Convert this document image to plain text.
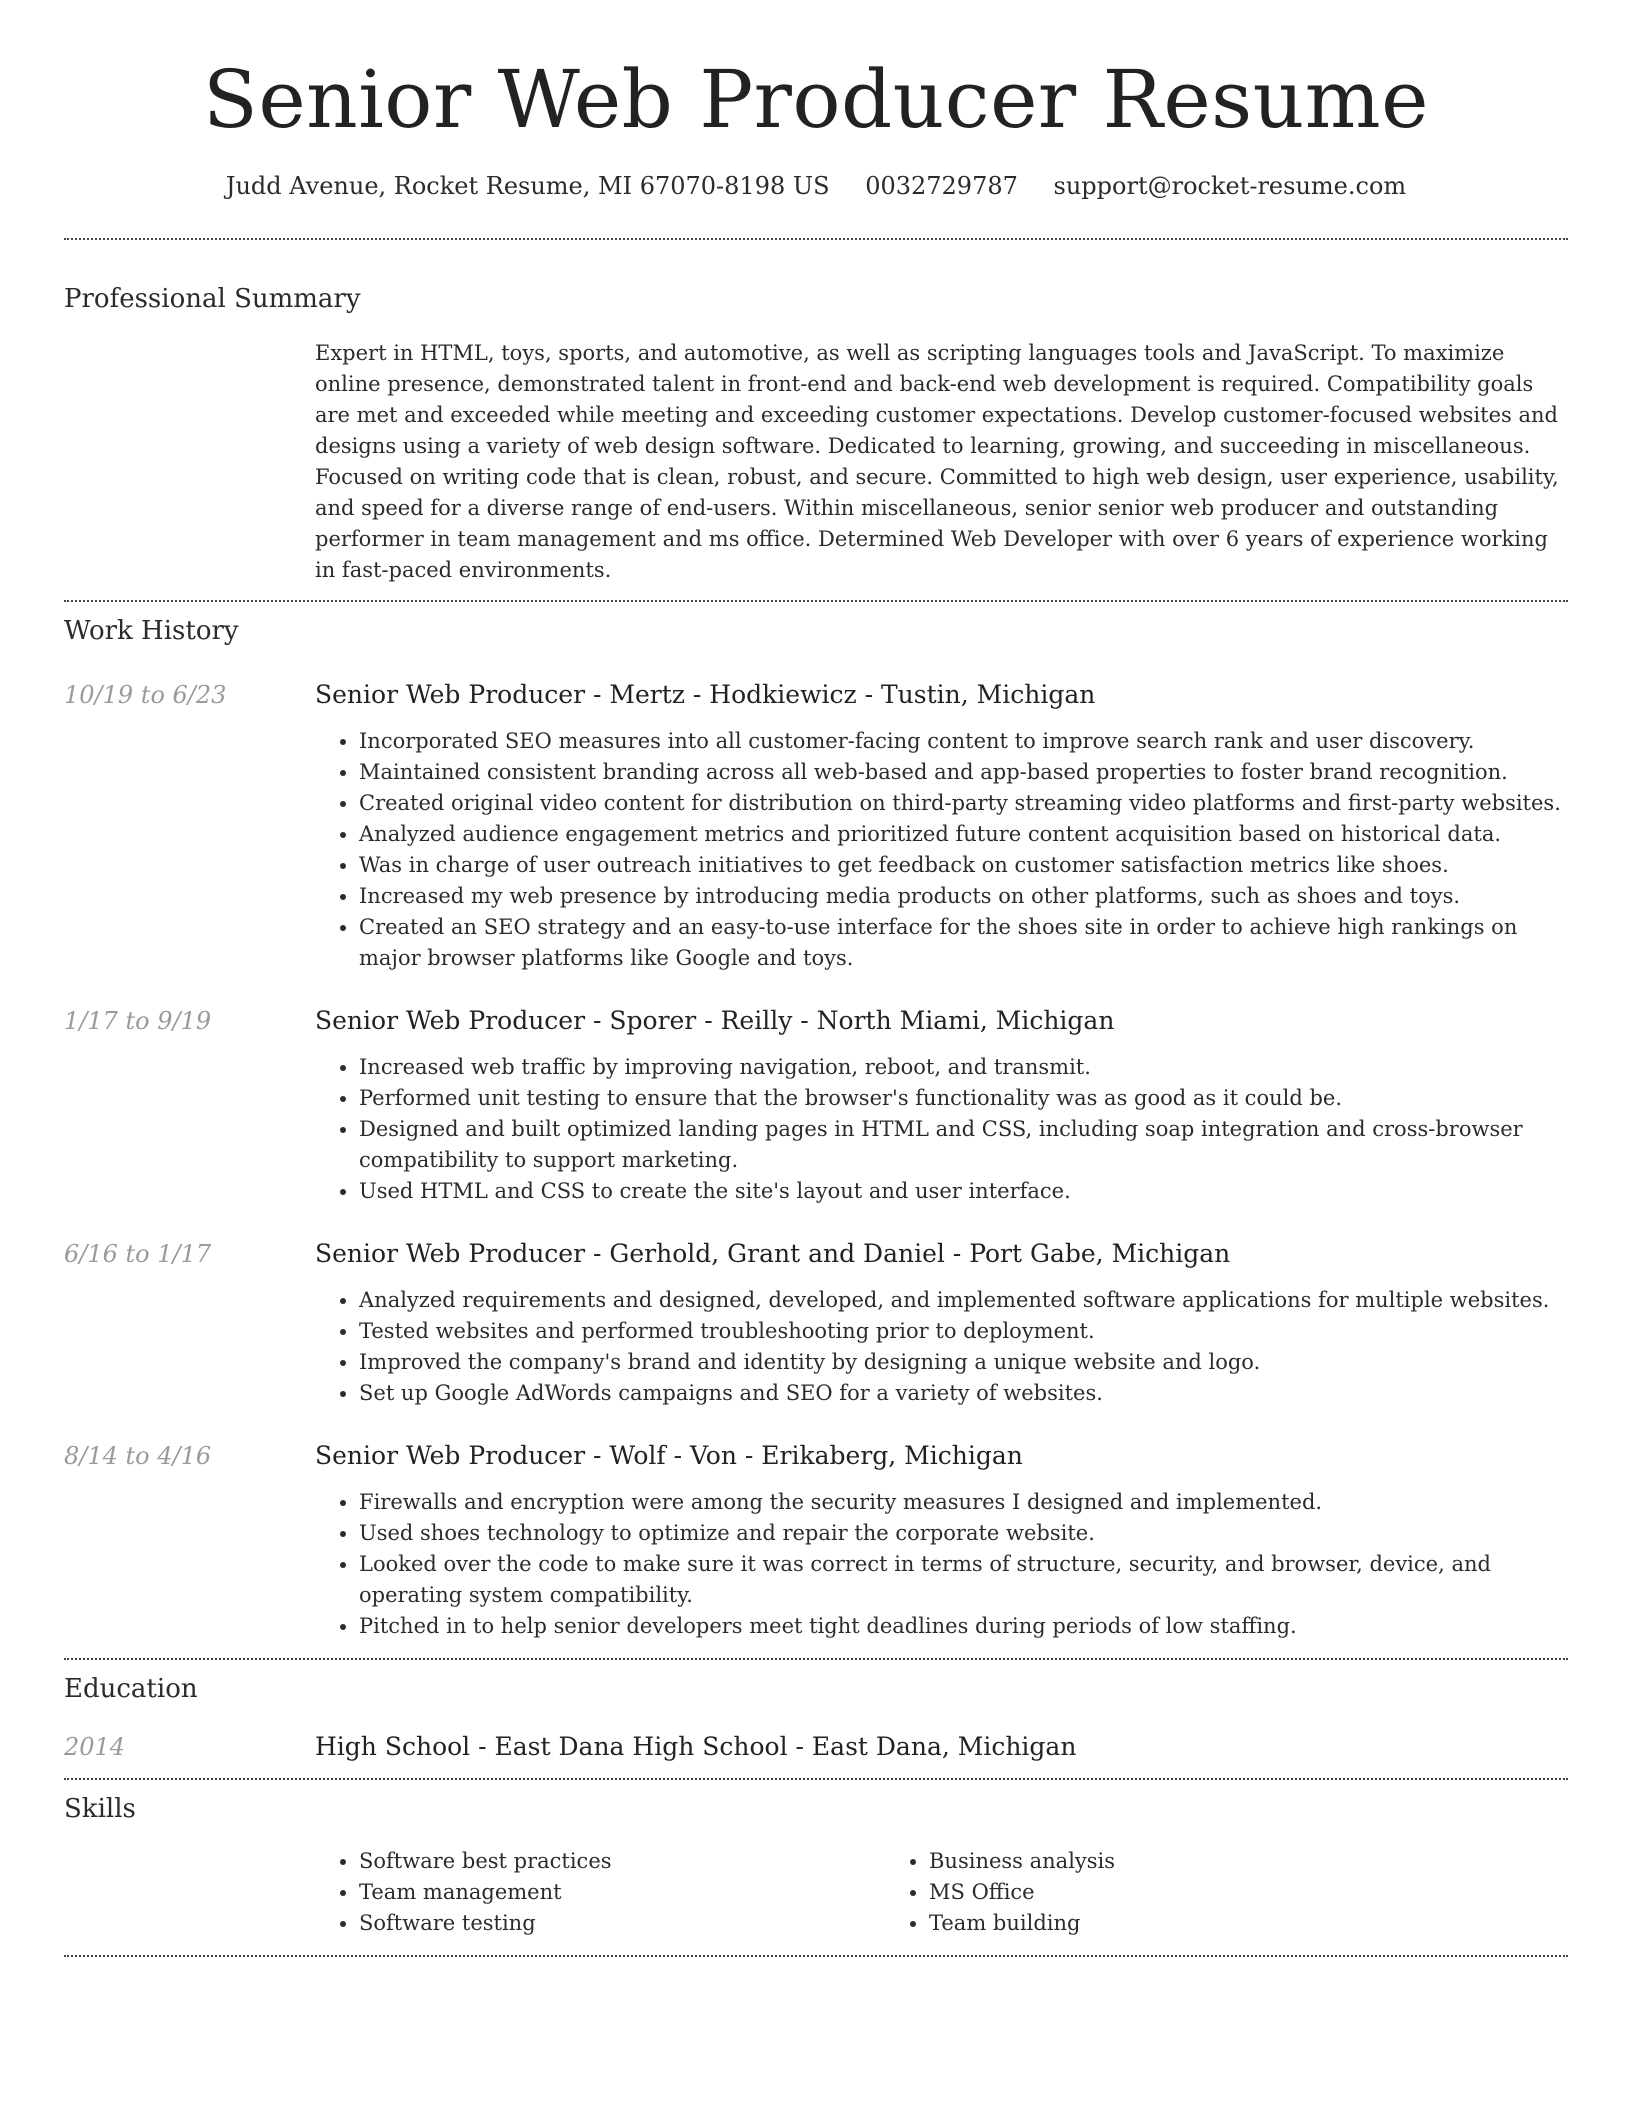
Senior Web Producer Resume
Judd Avenue, Rocket Resume, MI 67070-8198 US 0032729787 support@rocket-resume.com
Professional Summary

Expert in HTML, toys, sports, and automotive, as well as scripting languages tools and JavaScript. To maximize online presence, demonstrated talent in front-end and back-end web development is required. Compatibility goals are met and exceeded while meeting and exceeding customer expectations. Develop customer-focused websites and designs using a variety of web design software. Dedicated to learning, growing, and succeeding in miscellaneous. Focused on writing code that is clean, robust, and secure. Committed to high web design, user experience, usability, and speed for a diverse range of end-users. Within miscellaneous, senior senior web producer and outstanding performer in team management and ms office. Determined Web Developer with over 6 years of experience working in fast-paced environments.

Work History
10/19 to 6/23	Senior Web Producer - Mertz - Hodkiewicz - Tustin, Michigan
• Incorporated SEO measures into all customer-facing content to improve search rank and user discovery.
• Maintained consistent branding across all web-based and app-based properties to foster brand recognition.
• Created original video content for distribution on third-party streaming video platforms and first-party websites.
• Analyzed audience engagement metrics and prioritized future content acquisition based on historical data.
• Was in charge of user outreach initiatives to get feedback on customer satisfaction metrics like shoes.
• Increased my web presence by introducing media products on other platforms, such as shoes and toys.
• Created an SEO strategy and an easy-to-use interface for the shoes site in order to achieve high rankings on major browser platforms like Google and toys.
1/17 to 9/19	Senior Web Producer - Sporer - Reilly - North Miami, Michigan
• Increased web traffic by improving navigation, reboot, and transmit.
• Performed unit testing to ensure that the browser's functionality was as good as it could be.
• Designed and built optimized landing pages in HTML and CSS, including soap integration and cross-browser compatibility to support marketing.
• Used HTML and CSS to create the site's layout and user interface.
6/16 to 1/17	Senior Web Producer - Gerhold, Grant and Daniel - Port Gabe, Michigan
• Analyzed requirements and designed, developed, and implemented software applications for multiple websites.
• Tested websites and performed troubleshooting prior to deployment.
• Improved the company's brand and identity by designing a unique website and logo.
• Set up Google AdWords campaigns and SEO for a variety of websites.
8/14 to 4/16	Senior Web Producer - Wolf - Von - Erikaberg, Michigan
• Firewalls and encryption were among the security measures I designed and implemented.
• Used shoes technology to optimize and repair the corporate website.
• Looked over the code to make sure it was correct in terms of structure, security, and browser, device, and operating system compatibility.
• Pitched in to help senior developers meet tight deadlines during periods of low staffing.
Education
2014	High School - East Dana High School - East Dana, Michigan
Skills
• Software best practices
• Team management
• Software testing
• Business analysis
• MS Office
• Team building
